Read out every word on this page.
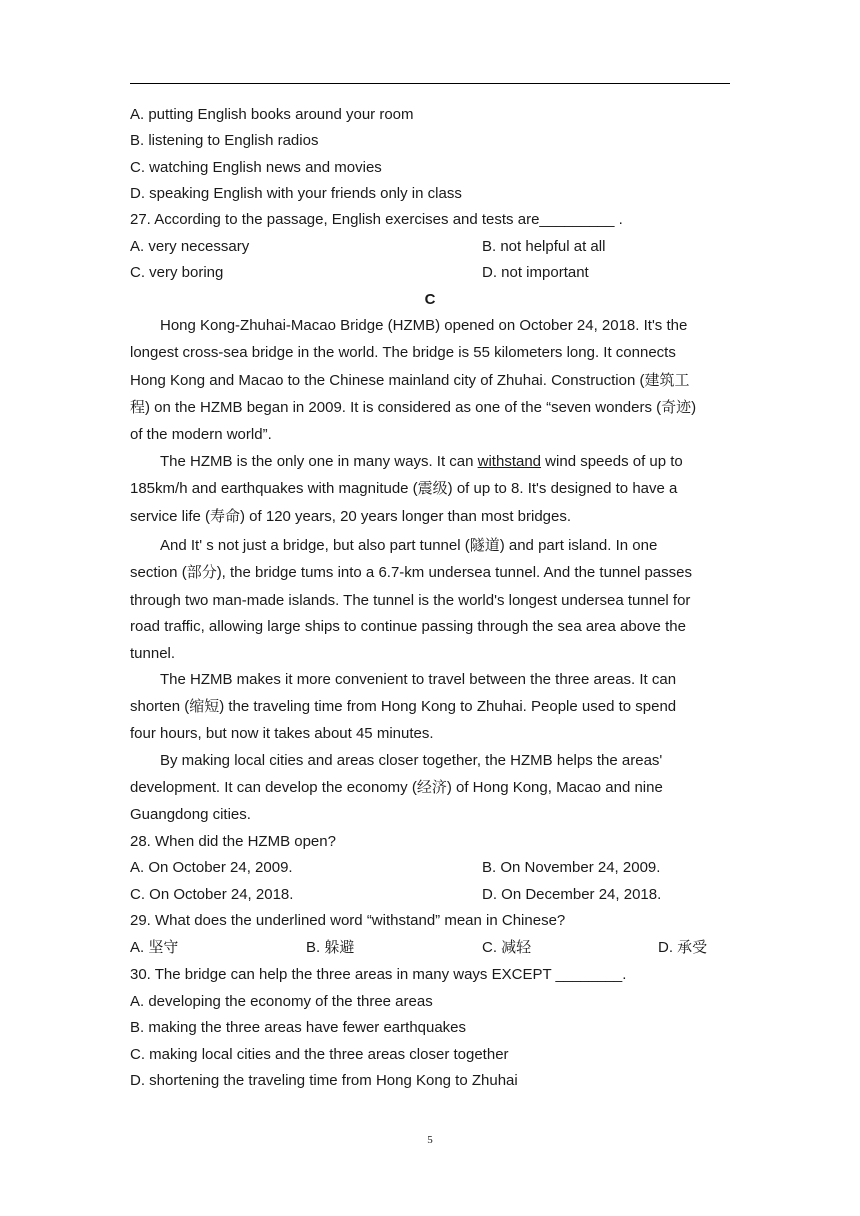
A. putting English books around your room
B. listening to English radios
C. watching English news and movies
D. speaking English with your friends only in class
27. According to the passage, English exercises and tests are_________ .
A. very necessary	B. not helpful at all
C. very boring	D. not important
C
Hong Kong-Zhuhai-Macao Bridge (HZMB) opened on October 24, 2018. It's the
longest cross-sea bridge in the world. The bridge is 55 kilometers long. It connects
Hong Kong and Macao to the Chinese mainland city of Zhuhai. Construction (建筑工
程) on the HZMB began in 2009. It is considered as one of the “seven wonders (奇迹)
of the modern world”.
The HZMB is the only one in many ways. It can withstand wind speeds of up to
185km/h and earthquakes with magnitude (震级) of up to 8. It's designed to have a
service life (寿命) of 120 years, 20 years longer than most bridges.
And It' s not just a bridge, but also part tunnel (隧道) and part island. In one
section (部分), the bridge tums into a 6.7-km undersea tunnel. And the tunnel passes
through two man-made islands. The tunnel is the world's longest undersea tunnel for
road traffic, allowing large ships to continue passing through the sea area above the
tunnel.
The HZMB makes it more convenient to travel between the three areas. It can
shorten (缩短) the traveling time from Hong Kong to Zhuhai. People used to spend
four hours, but now it takes about 45 minutes.
By making local cities and areas closer together, the HZMB helps the areas'
development. It can develop the economy (经济) of Hong Kong, Macao and nine
Guangdong cities.
28. When did the HZMB open?
A. On October 24, 2009.	B. On November 24, 2009.
C. On October 24, 2018.	D. On December 24, 2018.
29. What does the underlined word “withstand” mean in Chinese?
A. 坚守	B. 躲避	C. 减轻	D. 承受
30. The bridge can help the three areas in many ways EXCEPT ________.
A. developing the economy of the three areas
B. making the three areas have fewer earthquakes
C. making local cities and the three areas closer together
D. shortening the traveling time from Hong Kong to Zhuhai
5
